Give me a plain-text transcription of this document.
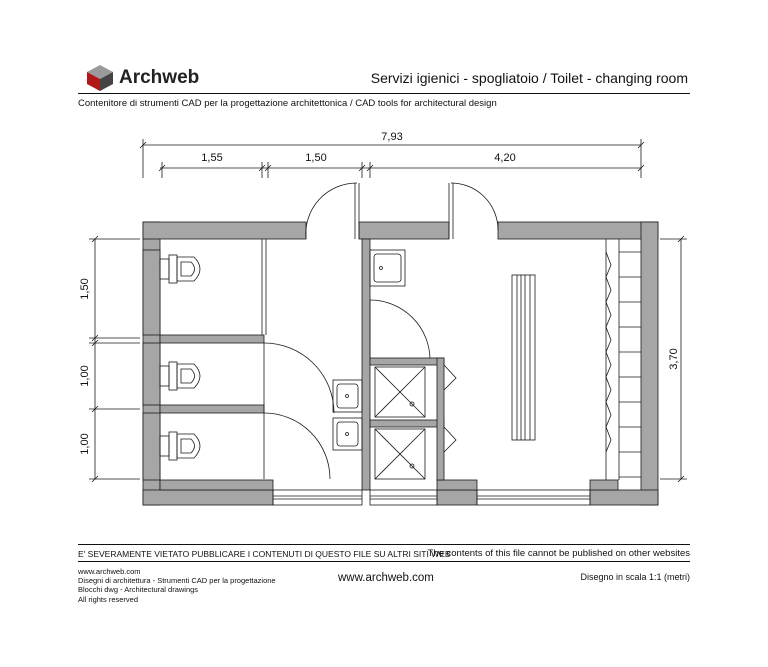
Archweb	Servizi igienici - spogliatoio / Toilet - changing room
Contenitore di strumenti CAD per la progettazione architettonica / CAD tools for architectural design
7,93
1,55	1,50	4,20
1,50
1,00
1,00
3,70
E' SEVERAMENTE VIETATO PUBBLICARE I CONTENUTI DI QUESTO FILE SU ALTRI SITI WEB
The contents of this file cannot be published on other websites
www.archweb.com
Disegni di architettura - Strumenti CAD per la progettazione
Blocchi dwg - Architectural drawings
All rights reserved
www.archweb.com	Disegno in scala 1:1 (metri)
